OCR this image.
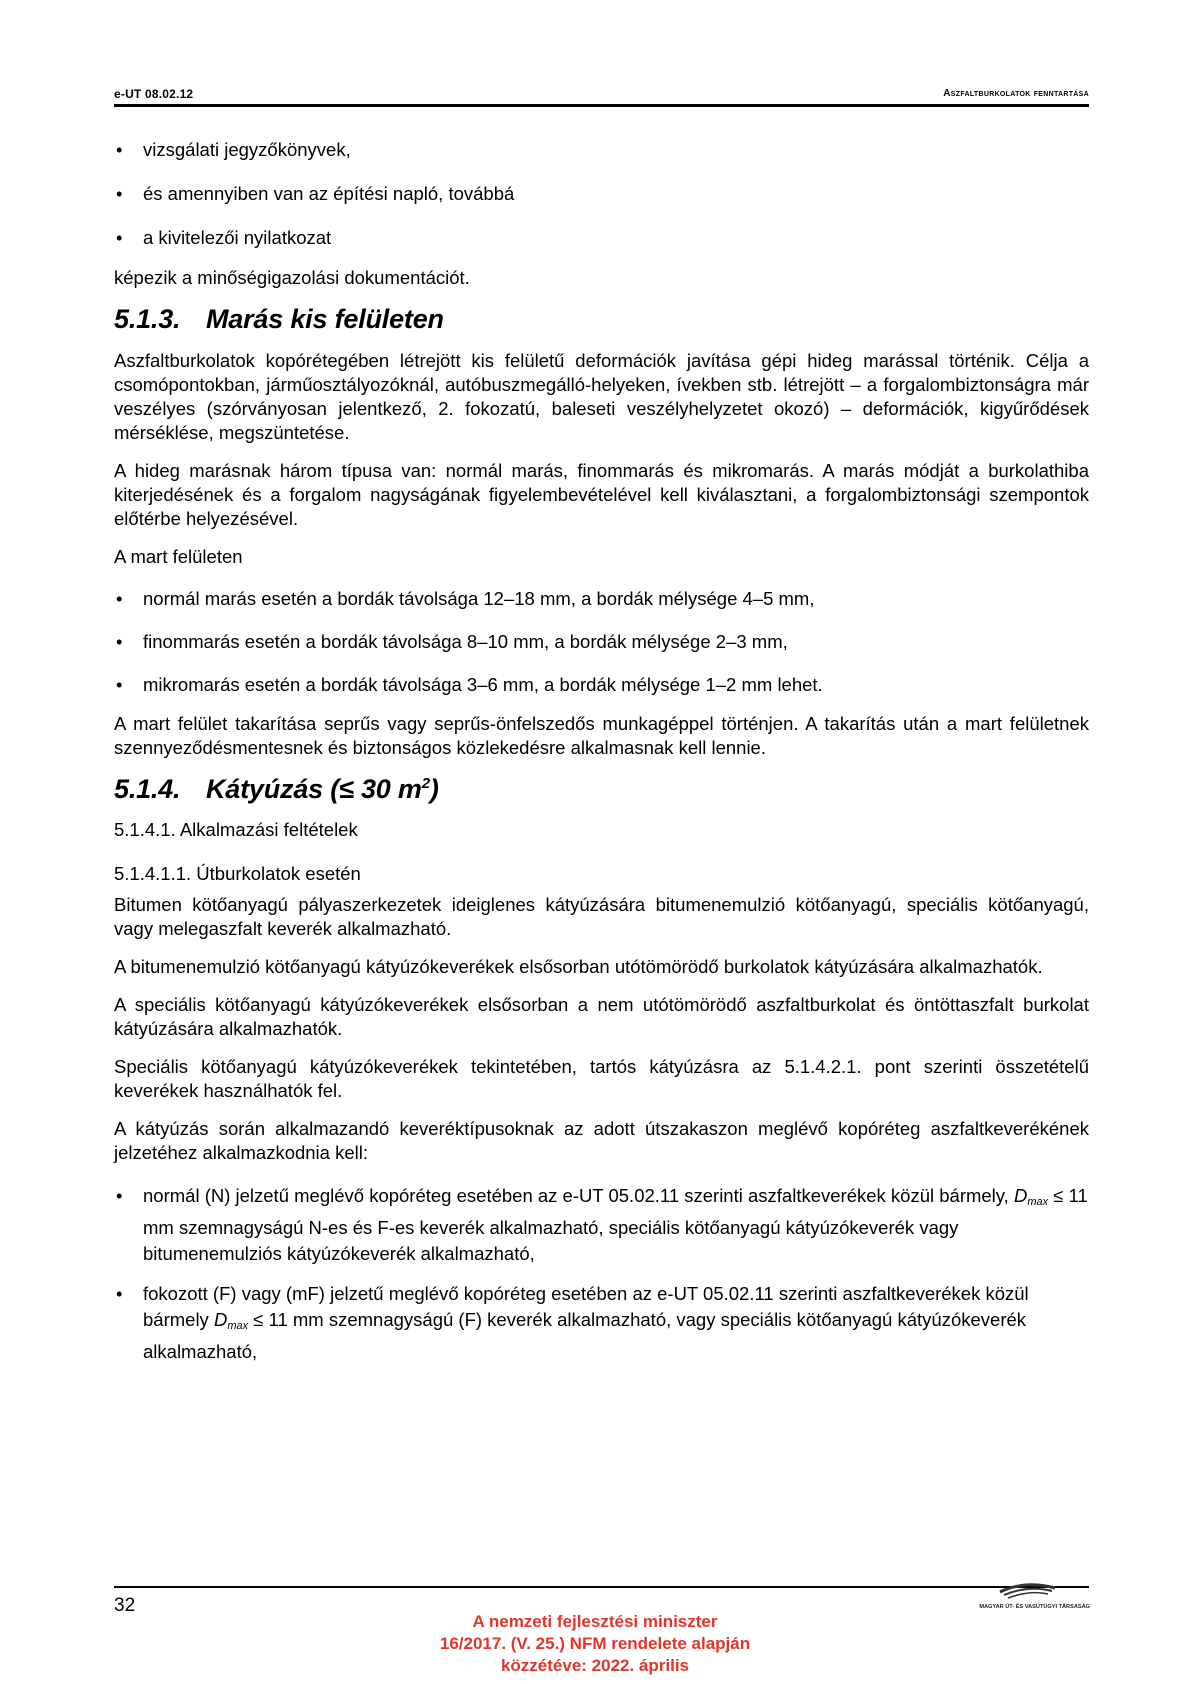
e-UT 08.02.12	Aszfaltburkolatok fenntartása
• vizsgálati jegyzőkönyvek,
• és amennyiben van az építési napló, továbbá
• a kivitelezői nyilatkozat

képezik a minőségigazolási dokumentációt.

5.1.3. Marás kis felületen

Aszfaltburkolatok kopórétegében létrejött kis felületű deformációk javítása gépi hideg marással történik. Célja a csomópontokban, járműosztályozóknál, autóbuszmegálló-helyeken, ívekben stb. létrejött – a forgalombiztonságra már veszélyes (szórványosan jelentkező, 2. fokozatú, baleseti veszélyhelyzetet okozó) – deformációk, kigyűrődések mérséklése, megszüntetése.

A hideg marásnak három típusa van: normál marás, finommarás és mikromarás. A marás módját a burkolathiba kiterjedésének és a forgalom nagyságának figyelembevételével kell kiválasztani, a forgalombiztonsági szempontok előtérbe helyezésével.

A mart felületen

• normál marás esetén a bordák távolsága 12–18 mm, a bordák mélysége 4–5 mm,
• finommarás esetén a bordák távolsága 8–10 mm, a bordák mélysége 2–3 mm,
• mikromarás esetén a bordák távolsága 3–6 mm, a bordák mélysége 1–2 mm lehet.

A mart felület takarítása seprűs vagy seprűs-önfelszedős munkagéppel történjen. A takarítás után a mart felületnek szennyeződésmentesnek és biztonságos közlekedésre alkalmasnak kell lennie.

5.1.4. Kátyúzás (≤ 30 $m^2$)

5.1.4.1. Alkalmazási feltételek

5.1.4.1.1. Útburkolatok esetén

Bitumen kötőanyagú pályaszerkezetek ideiglenes kátyúzására bitumenemulzió kötőanyagú, speciális kötőanyagú, vagy melegaszfalt keverék alkalmazható.

A bitumenemulzió kötőanyagú kátyúzókeverékek elsősorban utótömörödő burkolatok kátyúzására alkalmazhatók.

A speciális kötőanyagú kátyúzókeverékek elsősorban a nem utótömörödő aszfaltburkolat és öntöttaszfalt burkolat kátyúzására alkalmazhatók.

Speciális kötőanyagú kátyúzókeverékek tekintetében, tartós kátyúzásra az 5.1.4.2.1. pont szerinti összetételű keverékek használhatók fel.

A kátyúzás során alkalmazandó keveréktípusoknak az adott útszakaszon meglévő kopóréteg aszfaltkeverékének jelzetéhez alkalmazkodnia kell:

• normál (N) jelzetű meglévő kopóréteg esetében az e-UT 05.02.11 szerinti aszfaltkeverékek közül bármely, Dmax ≤ 11 mm szemnagyságú N-es és F-es keverék alkalmazható, speciális kötőanyagú kátyúzókeverék vagy bitumenemulziós kátyúzókeverék alkalmazható,
• fokozott (F) vagy (mF) jelzetű meglévő kopóréteg esetében az e-UT 05.02.11 szerinti aszfaltkeverékek közül bármely Dmax ≤ 11 mm szemnagyságú (F) keverék alkalmazható, vagy speciális kötőanyagú kátyúzókeverék alkalmazható,
32
A nemzeti fejlesztési miniszter
16/2017. (V. 25.) NFM rendelete alapján
közzétéve: 2022. április
MAGYAR ÚT- ÉS VASÚTÜGYI TÁRSASÁG
